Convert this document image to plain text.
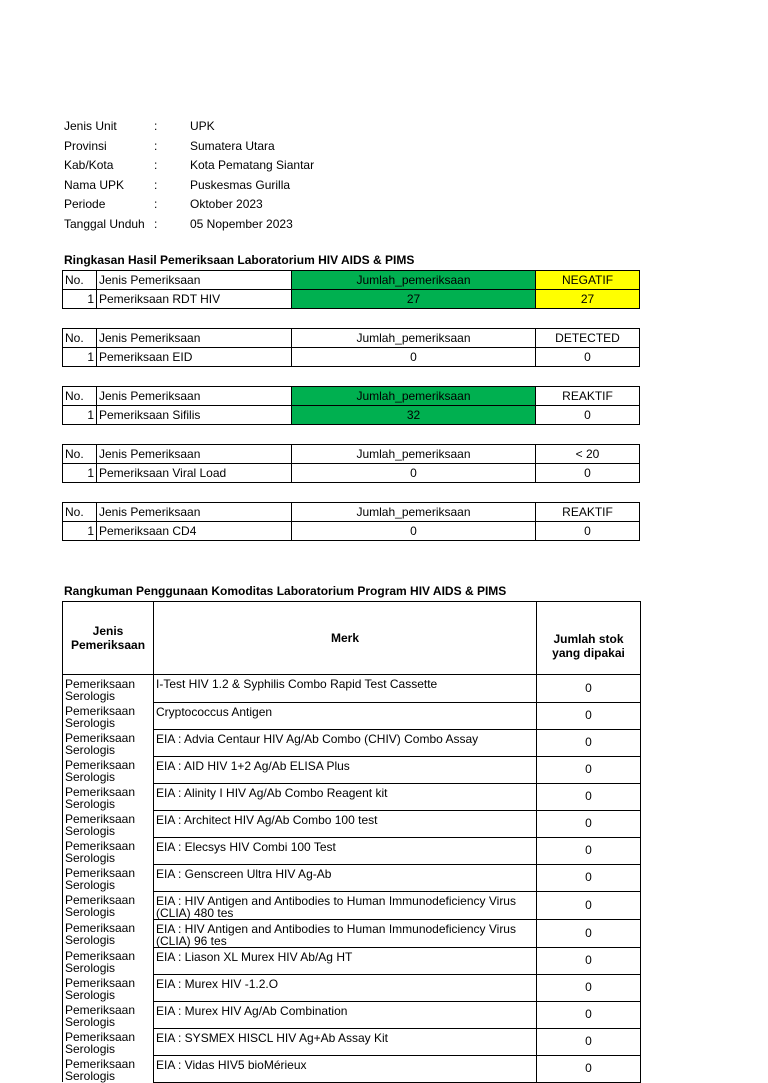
Jenis Unit	:	UPK
Provinsi	:	Sumatera Utara
Kab/Kota	:	Kota Pematang Siantar
Nama UPK :	Puskesmas Gurilla
Periode	:	Oktober 2023
Tanggal Unduh :	05 Nopember 2023
Ringkasan Hasil Pemeriksaan Laboratorium HIV AIDS & PIMS
No.	Jenis Pemeriksaan	Jumlah_pemeriksaan	NEGATIF
1	Pemeriksaan RDT HIV	27	27
No.	Jenis Pemeriksaan	Jumlah_pemeriksaan	DETECTED
1	Pemeriksaan EID	0	0
No.	Jenis Pemeriksaan	Jumlah_pemeriksaan	REAKTIF
1	Pemeriksaan Sifilis	32	0
No.	Jenis Pemeriksaan	Jumlah_pemeriksaan	< 20
1	Pemeriksaan Viral Load	0	0
No.	Jenis Pemeriksaan	Jumlah_pemeriksaan	REAKTIF
1	Pemeriksaan CD4	0	0
Rangkuman Penggunaan Komoditas Laboratorium Program HIV AIDS & PIMS
Jenis Pemeriksaan	Merk	Jumlah stok yang dipakai

Pemeriksaan Serologis	I-Test HIV 1.2 & Syphilis Combo Rapid Test Cassette	0

Pemeriksaan Serologis	Cryptococcus Antigen	0

Pemeriksaan Serologis	EIA : Advia Centaur HIV Ag/Ab Combo (CHIV) Combo Assay	0

Pemeriksaan Serologis	EIA : AID HIV 1+2 Ag/Ab ELISA Plus	0

Pemeriksaan Serologis	EIA : Alinity I HIV Ag/Ab Combo Reagent kit	0

Pemeriksaan Serologis	EIA : Architect HIV Ag/Ab Combo 100 test	0

Pemeriksaan Serologis	EIA : Elecsys HIV Combi 100 Test	0

Pemeriksaan Serologis	EIA : Genscreen Ultra HIV Ag-Ab	0

Pemeriksaan Serologis	EIA : HIV Antigen and Antibodies to Human Immunodeficiency Virus (CLIA) 480 tes	0

Pemeriksaan Serologis	EIA : HIV Antigen and Antibodies to Human Immunodeficiency Virus (CLIA) 96 tes	0

Pemeriksaan Serologis	EIA : Liason XL Murex HIV Ab/Ag HT	0

Pemeriksaan Serologis	EIA : Murex HIV -1.2.O	0

Pemeriksaan Serologis	EIA : Murex HIV Ag/Ab Combination	0

Pemeriksaan Serologis	EIA : SYSMEX HISCL HIV Ag+Ab Assay Kit	0

Pemeriksaan Serologis	EIA : Vidas HIV5 bioMérieux	0
